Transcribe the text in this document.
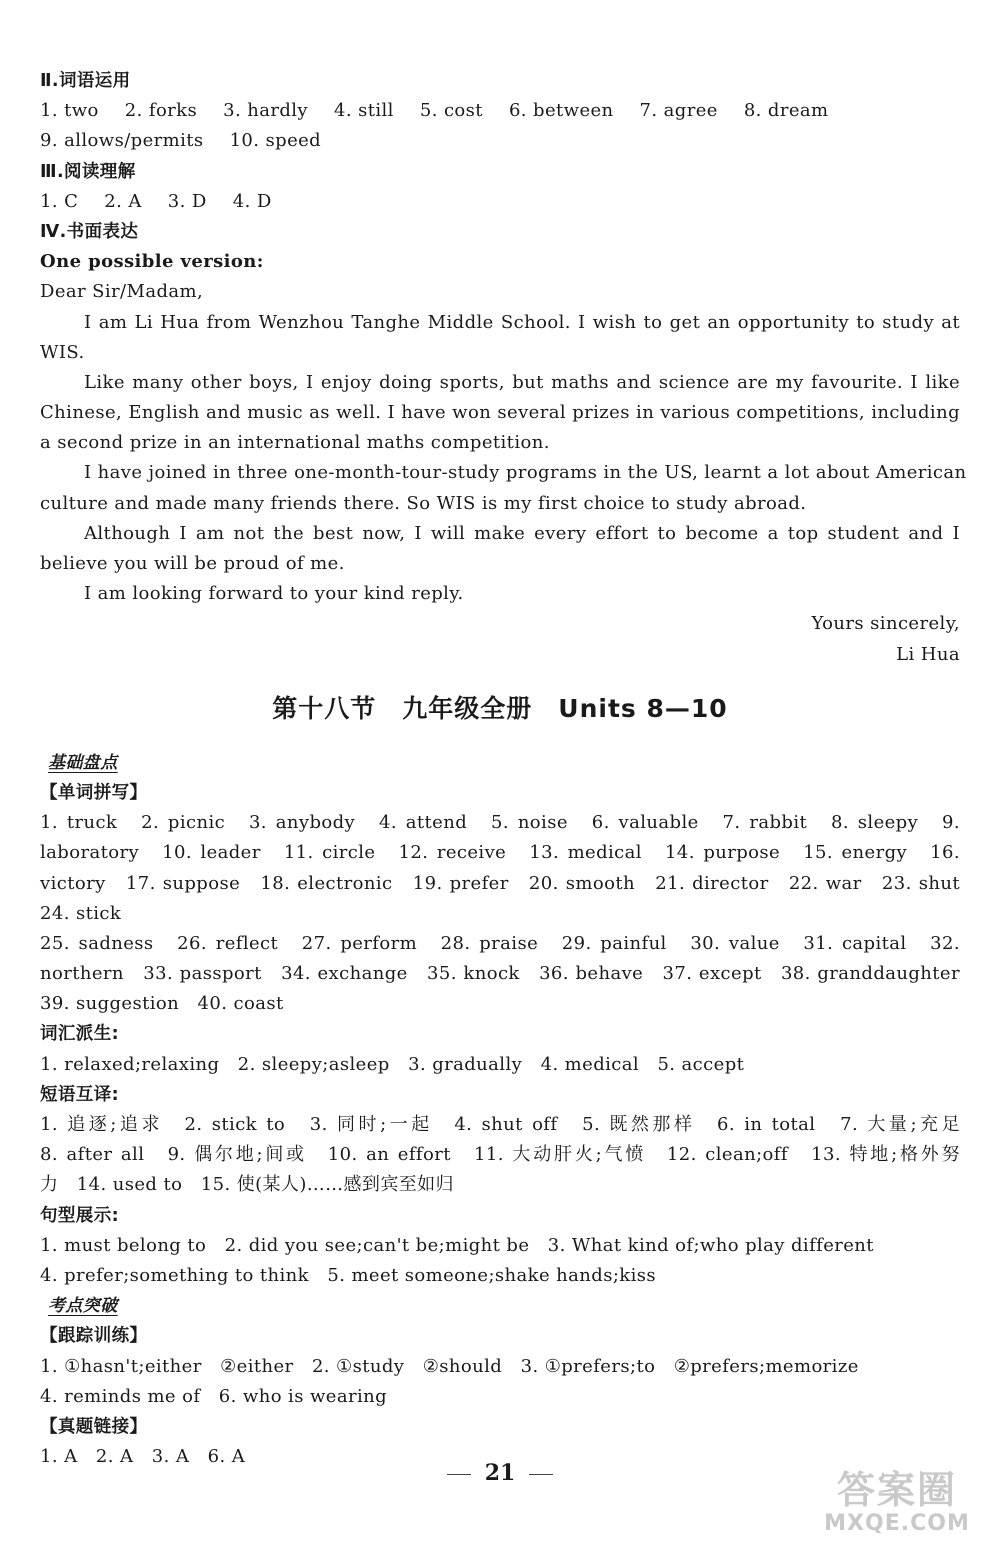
Ⅱ.词语运用
1. two 2. forks 3. hardly 4. still 5. cost 6. between 7. agree 8. dream
9. allows/permits 10. speed
Ⅲ.阅读理解
1. C 2. A 3. D 4. D
Ⅳ.书面表达
One possible version:
Dear Sir/Madam,
I am Li Hua from Wenzhou Tanghe Middle School. I wish to get an opportunity to study at
WIS.
Like many other boys, I enjoy doing sports, but maths and science are my favourite. I like
Chinese, English and music as well. I have won several prizes in various competitions, including
a second prize in an international maths competition.
I have joined in three one-month-tour-study programs in the US, learnt a lot about American
culture and made many friends there. So WIS is my first choice to study abroad.
Although I am not the best now, I will make every effort to become a top student and I
believe you will be proud of me.
I am looking forward to your kind reply.
Yours sincerely,
Li Hua
第十八节　九年级全册　Units 8—10
基础盘点
【单词拼写】
1. truck　2. picnic　3. anybody　4. attend　5. noise　6. valuable　7. rabbit　8. sleepy　9.
laboratory　10. leader　11. circle　12. receive　13. medical　14. purpose　15. energy　16.
victory　17. suppose　18. electronic　19. prefer　20. smooth　21. director　22. war　23. shut
24. stick
25. sadness　26. reflect　27. perform　28. praise　29. painful　30. value　31. capital　32.
northern　33. passport　34. exchange　35. knock　36. behave　37. except　38. granddaughter
39. suggestion　40. coast
词汇派生:
1. relaxed;relaxing　2. sleepy;asleep　3. gradually　4. medical　5. accept
短语互译:
1. 追逐;追求　2. stick to　3. 同时;一起　4. shut off　5. 既然那样　6. in total　7. 大量;充足
8. after all　9. 偶尔地;间或　10. an effort　11. 大动肝火;气愤　12. clean;off　13. 特地;格外努
力　14. used to　15. 使(某人)……感到宾至如归
句型展示:
1. must belong to　2. did you see;can't be;might be　3. What kind of;who play different
4. prefer;something to think　5. meet someone;shake hands;kiss
考点突破
【跟踪训练】
1. ①hasn't;either　②either　2. ①study　②should　3. ①prefers;to　②prefers;memorize
4. reminds me of　6. who is wearing
【真题链接】
1. A　2. A　3. A　6. A
21	答案圈
MXQE.COM
